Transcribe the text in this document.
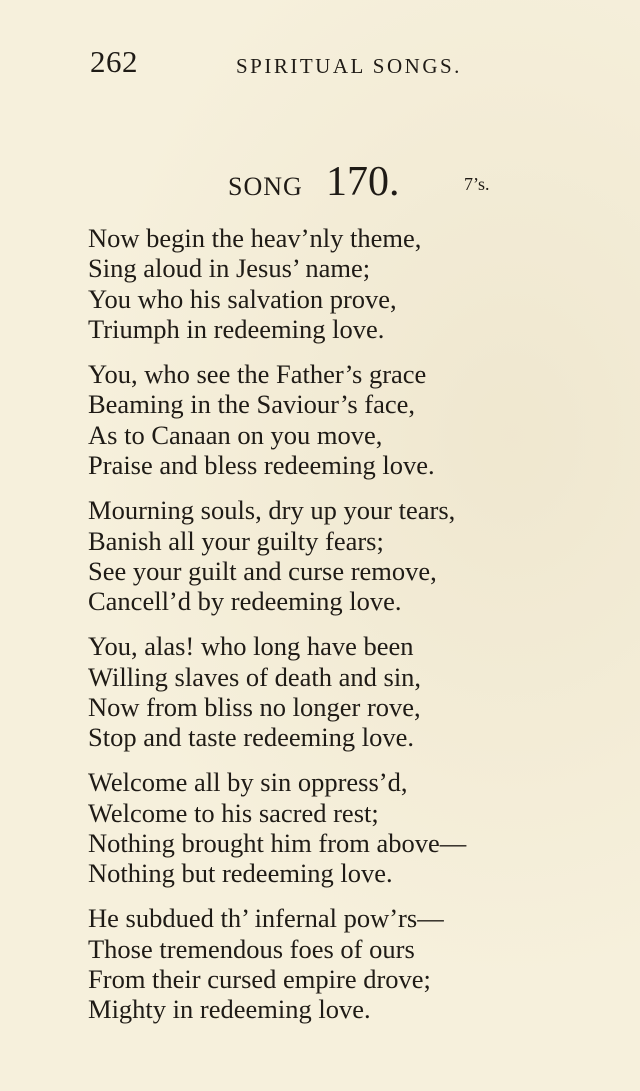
262	SPIRITUAL SONGS.
SONG 170.	7’s.
Now begin the heav’nly theme,
Sing aloud in Jesus’ name;
You who his salvation prove,
Triumph in redeeming love.
You, who see the Father’s grace
Beaming in the Saviour’s face,
As to Canaan on you move,
Praise and bless redeeming love.
Mourning souls, dry up your tears,
Banish all your guilty fears;
See your guilt and curse remove,
Cancell’d by redeeming love.
You, alas! who long have been
Willing slaves of death and sin,
Now from bliss no longer rove,
Stop and taste redeeming love.
Welcome all by sin oppress’d,
Welcome to his sacred rest;
Nothing brought him from above—
Nothing but redeeming love.
He subdued th’ infernal pow’rs—
Those tremendous foes of ours
From their cursed empire drove;
Mighty in redeeming love.
